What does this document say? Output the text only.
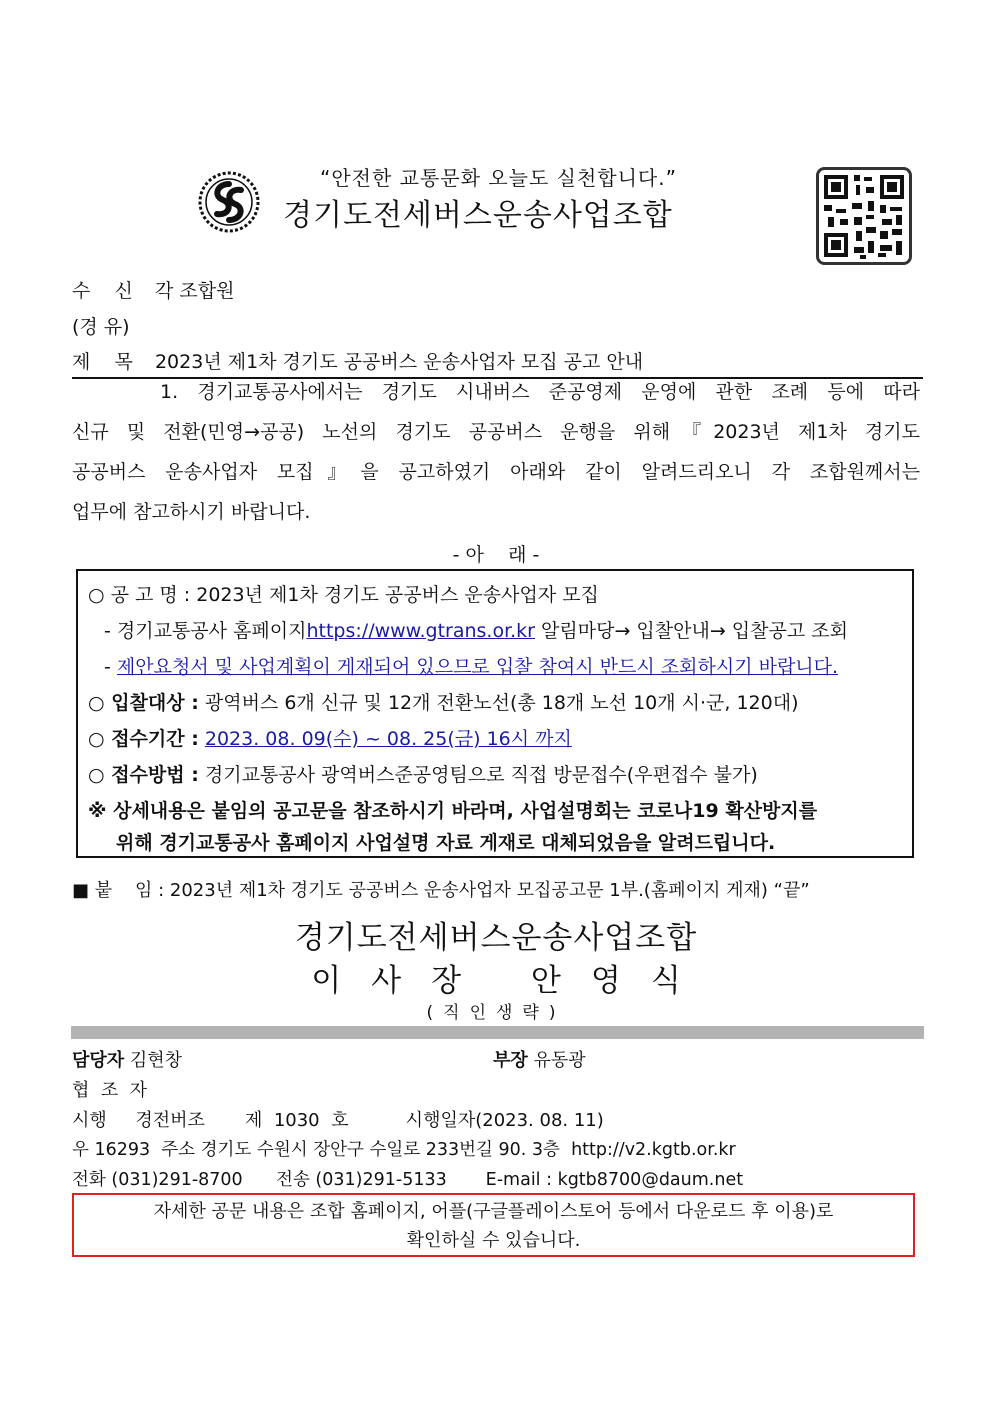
“안전한 교통문화 오늘도 실천합니다.”
경기도전세버스운송사업조합
수    신 각 조합원
(경 유)
제    목 2023년 제1차 경기도 공공버스 운송사업자 모집 공고 안내
1. 경기교통공사에서는 경기도 시내버스 준공영제 운영에 관한 조례 등에 따라
신규 및 전환(민영→공공) 노선의 경기도 공공버스 운행을 위해『2023년 제1차 경기도
공공버스 운송사업자 모집』을 공고하였기 아래와 같이 알려드리오니 각 조합원께서는
업무에 참고하시기 바랍니다.
- 아    래 -
○ 공 고 명 : 2023년 제1차 경기도 공공버스 운송사업자 모집
- 경기교통공사 홈페이지https://www.gtrans.or.kr 알림마당→ 입찰안내→ 입찰공고 조회
- 제안요청서 및 사업계획이 게재되어 있으므로 입찰 참여시 반드시 조회하시기 바랍니다.
○ 입찰대상 : 광역버스 6개 신규 및 12개 전환노선(총 18개 노선 10개 시·군, 120대)
○ 접수기간 : 2023. 08. 09(수) ~ 08. 25(금) 16시 까지
○ 접수방법 : 경기교통공사 광역버스준공영팀으로 직접 방문접수(우편접수 불가)
※ 상세내용은 붙임의 공고문을 참조하시기 바라며, 사업설명회는 코로나19 확산방지를
위해 경기교통공사 홈페이지 사업설명 자료 게재로 대체되었음을 알려드립니다.
■ 붙    임 : 2023년 제1차 경기도 공공버스 운송사업자 모집공고문 1부.(홈페이지 게재) “끝”
경기도전세버스운송사업조합
이사장 안영식
(직인생략)
담당자 김현창	부장 유동광
협  조  자
시행     경전버조       제  1030  호          시행일자(2023. 08. 11)
우 16293  주소 경기도 수원시 장안구 수일로 233번길 90. 3층  http://v2.kgtb.or.kr
전화 (031)291-8700      전송 (031)291-5133       E-mail : kgtb8700@daum.net
자세한 공문 내용은 조합 홈페이지, 어플(구글플레이스토어 등에서 다운로드 후 이용)로
확인하실 수 있습니다.
